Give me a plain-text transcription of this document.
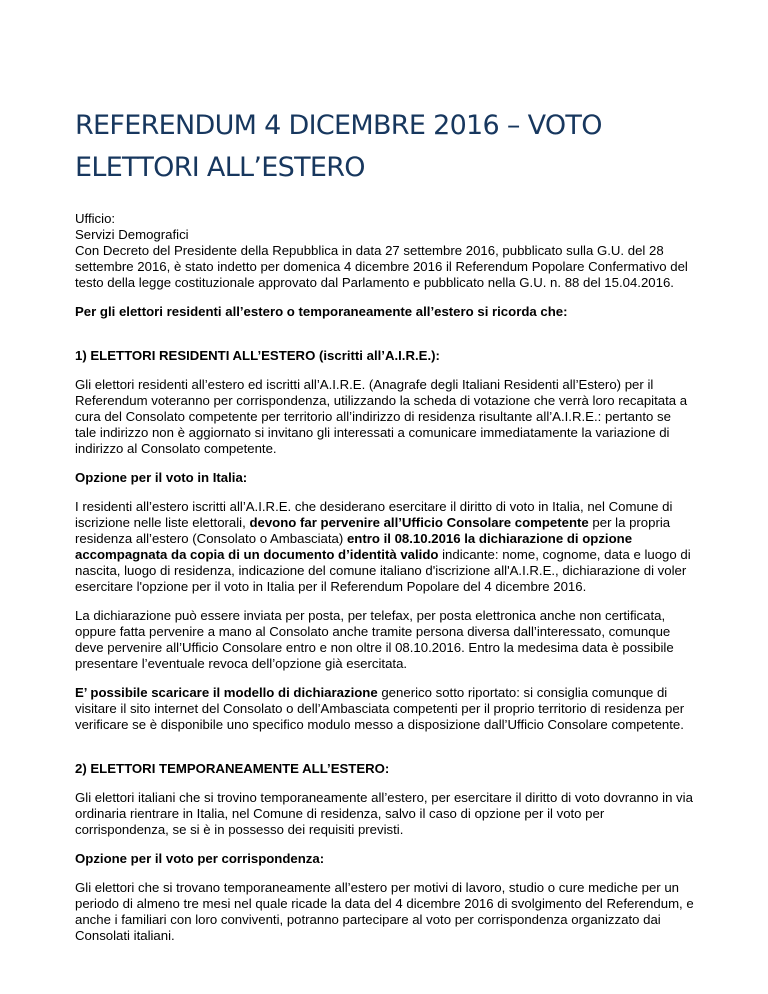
REFERENDUM 4 DICEMBRE 2016 – VOTO ELETTORI ALL’ESTERO
Ufficio:
Servizi Demografici
Con Decreto del Presidente della Repubblica in data 27 settembre 2016, pubblicato sulla G.U. del 28 settembre 2016, è stato indetto per domenica 4 dicembre 2016 il Referendum Popolare Confermativo del testo della legge costituzionale approvato dal Parlamento e pubblicato nella G.U. n. 88 del 15.04.2016.

Per gli elettori residenti all’estero o temporaneamente all’estero si ricorda che:

1) ELETTORI RESIDENTI ALL’ESTERO (iscritti all’A.I.R.E.):

Gli elettori residenti all’estero ed iscritti all’A.I.R.E. (Anagrafe degli Italiani Residenti all’Estero) per il Referendum voteranno per corrispondenza, utilizzando la scheda di votazione che verrà loro recapitata a cura del Consolato competente per territorio all’indirizzo di residenza risultante all’A.I.R.E.: pertanto se tale indirizzo non è aggiornato si invitano gli interessati a comunicare immediatamente la variazione di indirizzo al Consolato competente.

Opzione per il voto in Italia:

I residenti all’estero iscritti all’A.I.R.E. che desiderano esercitare il diritto di voto in Italia, nel Comune di iscrizione nelle liste elettorali, devono far pervenire all’Ufficio Consolare competente per la propria residenza all’estero (Consolato o Ambasciata) entro il 08.10.2016 la dichiarazione di opzione accompagnata da copia di un documento d’identità valido indicante: nome, cognome, data e luogo di nascita, luogo di residenza, indicazione del comune italiano d'iscrizione all'A.I.R.E., dichiarazione di voler esercitare l'opzione per il voto in Italia per il Referendum Popolare del 4 dicembre 2016.

La dichiarazione può essere inviata per posta, per telefax, per posta elettronica anche non certificata, oppure fatta pervenire a mano al Consolato anche tramite persona diversa dall’interessato, comunque deve pervenire all’Ufficio Consolare entro e non oltre il 08.10.2016. Entro la medesima data è possibile presentare l’eventuale revoca dell’opzione già esercitata.

E’ possibile scaricare il modello di dichiarazione generico sotto riportato: si consiglia comunque di visitare il sito internet del Consolato o dell’Ambasciata competenti per il proprio territorio di residenza per verificare se è disponibile uno specifico modulo messo a disposizione dall’Ufficio Consolare competente.

2) ELETTORI TEMPORANEAMENTE ALL’ESTERO:

Gli elettori italiani che si trovino temporaneamente all’estero, per esercitare il diritto di voto dovranno in via ordinaria rientrare in Italia, nel Comune di residenza, salvo il caso di opzione per il voto per corrispondenza, se si è in possesso dei requisiti previsti.

Opzione per il voto per corrispondenza:

Gli elettori che si trovano temporaneamente all’estero per motivi di lavoro, studio o cure mediche per un periodo di almeno tre mesi nel quale ricade la data del 4 dicembre 2016 di svolgimento del Referendum, e anche i familiari con loro conviventi, potranno partecipare al voto per corrispondenza organizzato dai Consolati italiani.
